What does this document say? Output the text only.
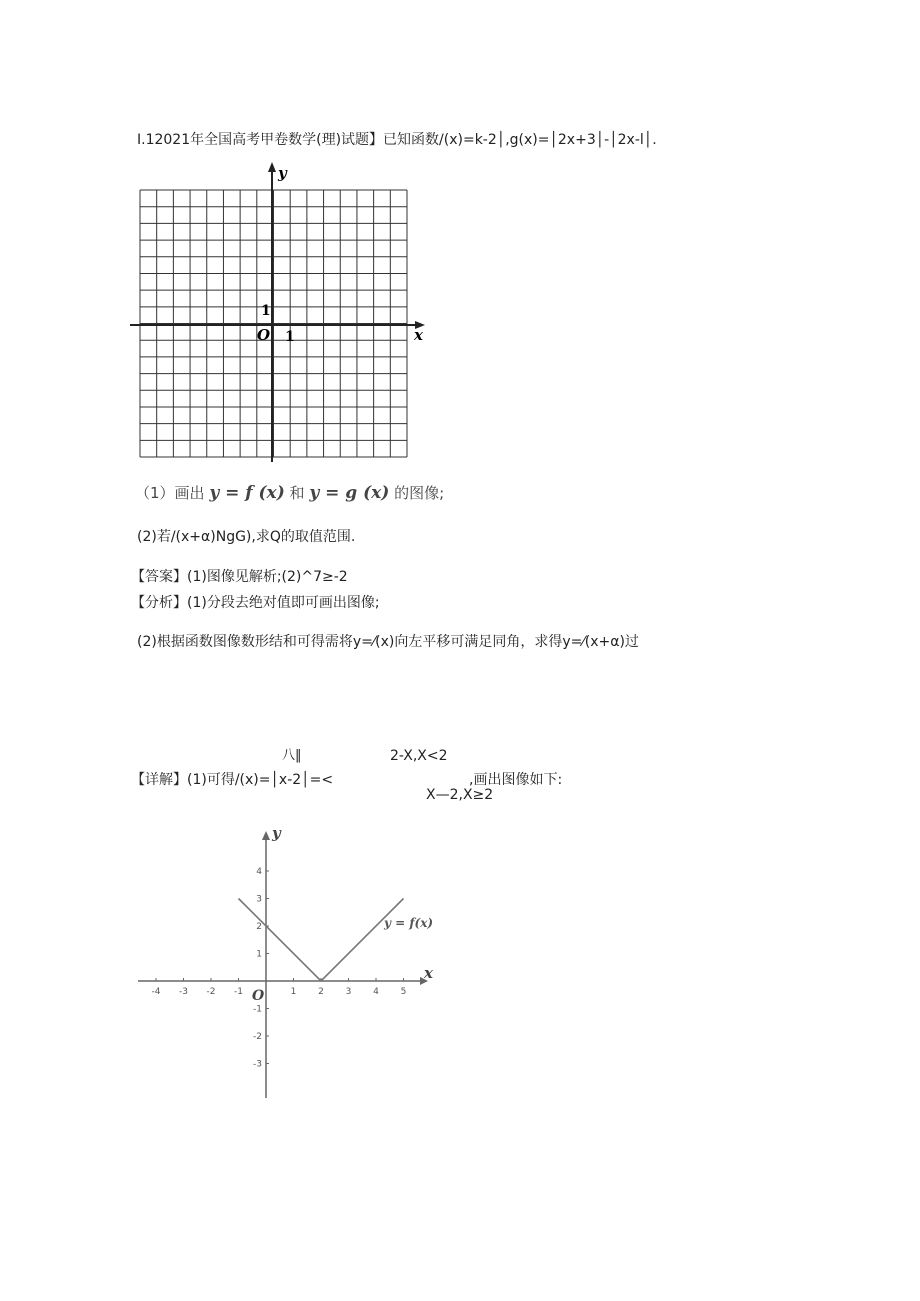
I.12021年全国高考甲卷数学(理)试题】已知函数/(x)=k-2│,g(x)=│2x+3│-│2x-l│.
y
x
O 1
1
（1）画出 y = f (x) 和 y = g (x) 的图像;
(2)若/(x+α)NgG),求Q的取值范围.
【答案】(1)图像见解析;(2)^7≥-2
【分析】(1)分段去绝对值即可画出图像;
(2)根据函数图像数形结和可得需将y=⁄(x)向左平移可满足同角，求得y=⁄(x+α)过
八‖	2-X,X<2
【详解】(1)可得/(x)=│x-2│=<	,画出图像如下:
X—2,X≥2
-4 -3 -2 -1	1 2 3 4 5
4
3
2
1
-1
-2
-3
x
y
O
y = f(x)
